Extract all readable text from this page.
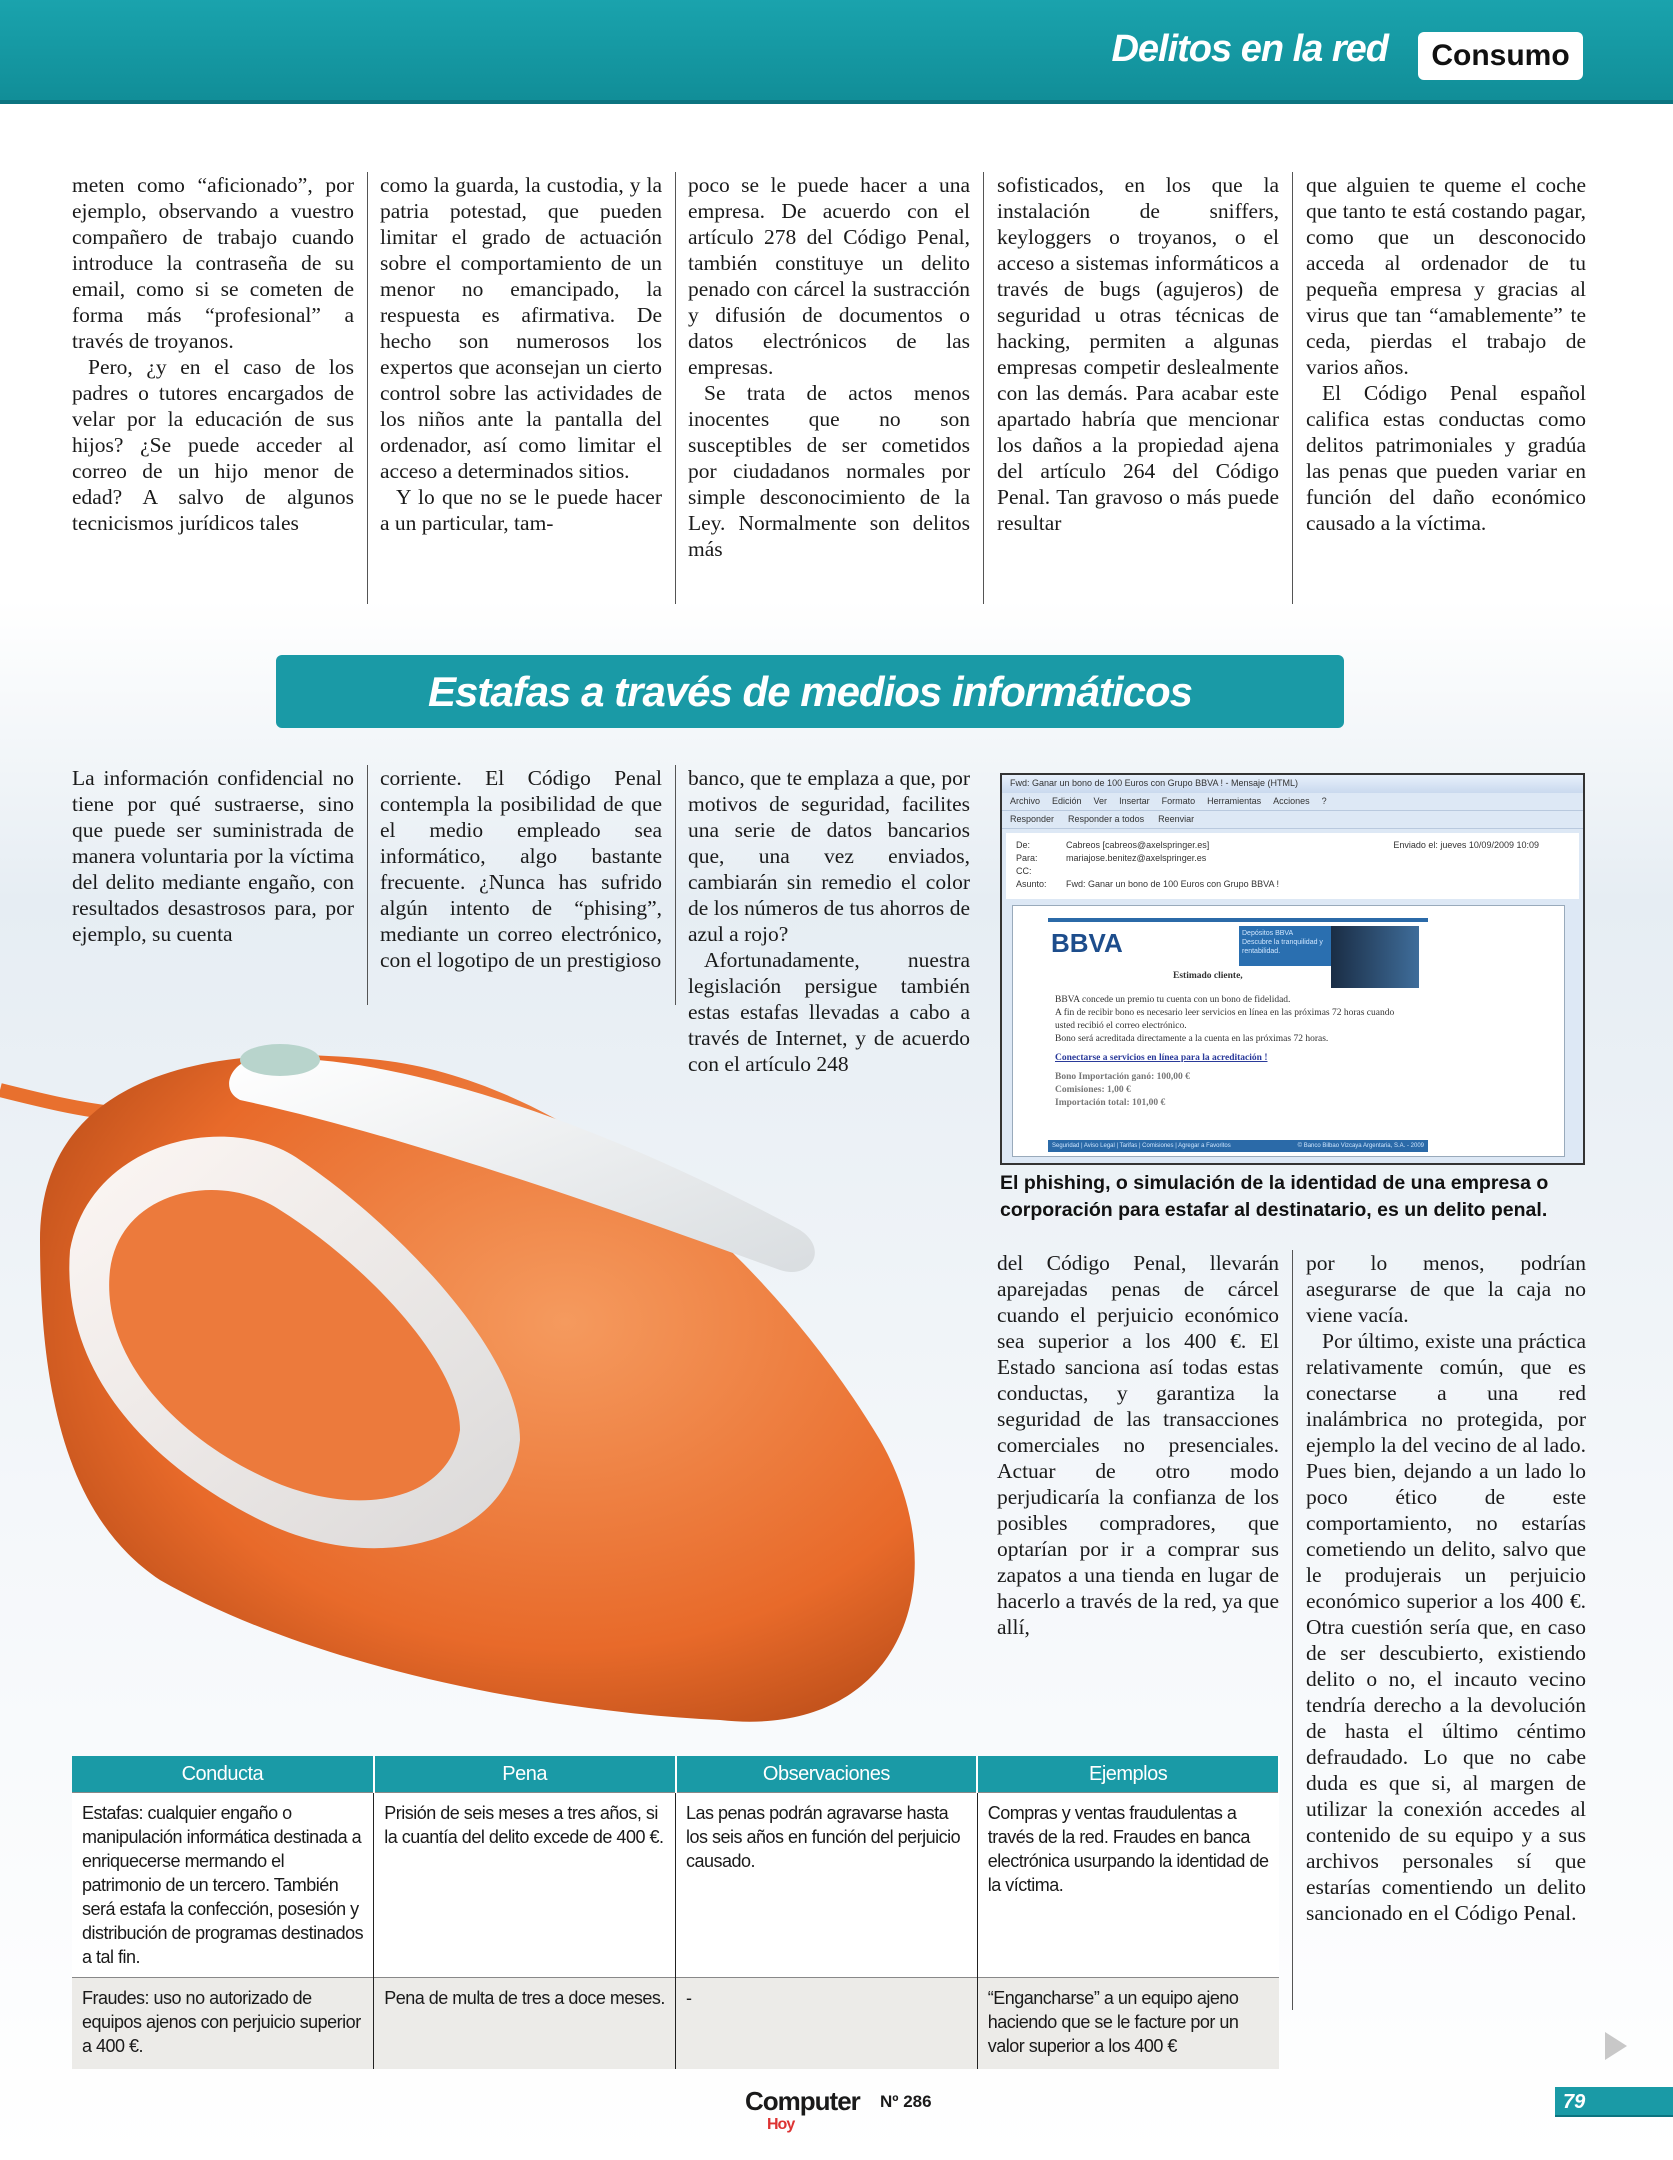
Delitos en la red	Consumo

meten como “aficionado”, por ejemplo, observando a vuestro compañero de trabajo cuando introduce la contraseña de su email, como si se cometen de forma más “profesional” a través de troyanos.

Pero, ¿y en el caso de los padres o tutores encargados de velar por la educación de sus hijos? ¿Se puede acceder al correo de un hijo menor de edad? A salvo de algunos tecnicismos jurídicos tales

como la guarda, la custodia, y la patria potestad, que pueden limitar el grado de actuación sobre el comportamiento de un menor no emancipado, la respuesta es afirmativa. De hecho son numerosos los expertos que aconsejan un cierto control sobre las actividades de los niños ante la pantalla del ordenador, así como limitar el acceso a determinados sitios.

Y lo que no se le puede hacer a un particular, tam-

poco se le puede hacer a una empresa. De acuerdo con el artículo 278 del Código Penal, también constituye un delito penado con cárcel la sustracción y difusión de documentos o datos electrónicos de las empresas.

Se trata de actos menos inocentes que no son susceptibles de ser cometidos por ciudadanos normales por simple desconocimiento de la Ley. Normalmente son delitos más

sofisticados, en los que la instalación de sniffers, keyloggers o troyanos, o el acceso a sistemas informáticos a través de bugs (agujeros) de seguridad u otras técnicas de hacking, permiten a algunas empresas competir deslealmente con las demás. Para acabar este apartado habría que mencionar los daños a la propiedad ajena del artículo 264 del Código Penal. Tan gravoso o más puede resultar

que alguien te queme el coche que tanto te está costando pagar, como que un desconocido acceda al ordenador de tu pequeña empresa y gracias al virus que tan “amablemente” te ceda, pierdas el trabajo de varios años.

El Código Penal español califica estas conductas como delitos patrimoniales y gradúa las penas que pueden variar en función del daño económico causado a la víctima.

Estafas a través de medios informáticos

La información confidencial no tiene por qué sustraerse, sino que puede ser suministrada de manera voluntaria por la víctima del delito mediante engaño, con resultados desastrosos para, por ejemplo, su cuenta

corriente. El Código Penal contempla la posibilidad de que el medio empleado sea informático, algo bastante frecuente. ¿Nunca has sufrido algún intento de “phising”, mediante un correo electrónico, con el logotipo de un prestigioso

banco, que te emplaza a que, por motivos de seguridad, facilites una serie de datos bancarios que, una vez enviados, cambiarán sin remedio el color de los números de tus ahorros de azul a rojo?

Afortunadamente, nuestra legislación persigue también estas estafas llevadas a cabo a través de Internet, y de acuerdo con el artículo 248

Fwd: Ganar un bono de 100 Euros con Grupo BBVA ! - Mensaje (HTML)
Archivo Edición Ver Insertar Formato Herramientas Acciones ?
Responder Responder a todos Reenviar
De:	Cabreos [cabreos@axelspringer.es]
Para:	mariajose.benitez@axelspringer.es
CC:
Asunto: Fwd: Ganar un bono de 100 Euros con Grupo BBVA !
Enviado el: jueves 10/09/2009 10:09
BBVA	Depósitos BBVA
Descubre la tranquilidad y rentabilidad.
Estimado cliente,
BBVA concede un premio tu cuenta con un bono de fidelidad.
A fin de recibir bono es necesario leer servicios en línea en las próximas 72 horas cuando usted recibió el correo electrónico.
Bono será acreditada directamente a la cuenta en las próximas 72 horas.
Conectarse a servicios en línea para la acreditación !
Bono Importación ganó: 100,00 €
Comisiones: 1,00 €
Importación total: 101,00 €
Seguridad | Aviso Legal | Tarifas | Comisiones | Agregar a Favoritos	© Banco Bilbao Vizcaya Argentaria, S.A. - 2009
El phishing, o simulación de la identidad de una empresa o corporación para estafar al destinatario, es un delito penal.

del Código Penal, llevarán aparejadas penas de cárcel cuando el perjuicio económico sea superior a los 400 €. El Estado sanciona así todas estas conductas, y garantiza la seguridad de las transacciones comerciales no presenciales. Actuar de otro modo perjudicaría la confianza de los posibles compradores, que optarían por ir a comprar sus zapatos a una tienda en lugar de hacerlo a través de la red, ya que allí,

por lo menos, podrían asegurarse de que la caja no viene vacía.

Por último, existe una práctica relativamente común, que es conectarse a una red inalámbrica no protegida, por ejemplo la del vecino de al lado. Pues bien, dejando a un lado lo poco ético de este comportamiento, no estarías cometiendo un delito, salvo que le produjerais un perjuicio económico superior a los 400 €. Otra cuestión sería que, en caso de ser descubierto, existiendo delito o no, el incauto vecino tendría derecho a la devolución de hasta el último céntimo defraudado. Lo que no cabe duda es que si, al margen de utilizar la conexión accedes al contenido de su equipo y a sus archivos personales sí que estarías comentiendo un delito sancionado en el Código Penal.

Conducta	Pena	Observaciones	Ejemplos
Estafas: cualquier engaño o manipulación informática destinada a enriquecerse mermando el patrimonio de un tercero. También será estafa la confección, posesión y distribución de programas destinados a tal fin.	Prisión de seis meses a tres años, si la cuantía del delito excede de 400 €.	Las penas podrán agravarse hasta los seis años en función del perjuicio causado.	Compras y ventas fraudulentas a través de la red. Fraudes en banca electrónica usurpando la identidad de la víctima.
Fraudes: uso no autorizado de equipos ajenos con perjuicio superior a 400 €.	Pena de multa de tres a doce meses.	-	“Engancharse” a un equipo ajeno haciendo que se le facture por un valor superior a los 400 €
Computer
Hoy
Nº 286	79
